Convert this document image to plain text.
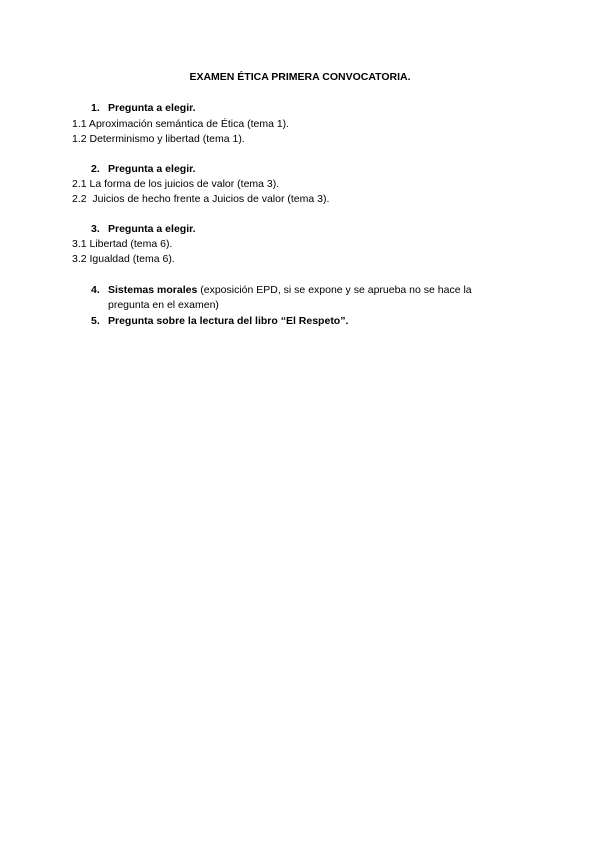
EXAMEN ÉTICA PRIMERA CONVOCATORIA.
1. Pregunta a elegir.
1.1 Aproximación semántica de Ética (tema 1).
1.2 Determinismo y libertad (tema 1).
2. Pregunta a elegir.
2.1 La forma de los juicios de valor (tema 3).
2.2  Juicios de hecho frente a Juicios de valor (tema 3).
3. Pregunta a elegir.
3.1 Libertad (tema 6).
3.2 Igualdad (tema 6).
4. Sistemas morales (exposición EPD, si se expone y se aprueba no se hace la pregunta en el examen)
5. Pregunta sobre la lectura del libro “El Respeto”.
